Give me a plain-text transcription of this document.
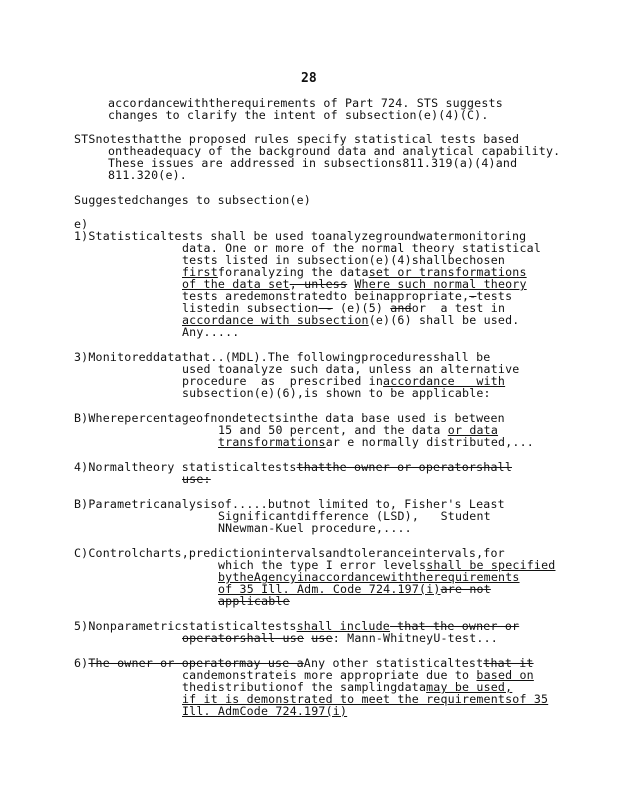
28
accordancewiththerequirements of Part 724. STS suggests
changes to clarify the intent of subsection(e)(4)(C).
STSnotesthatthe proposed rules specify statistical tests based
ontheadequacy of the background data and analytical capability.
These issues are addressed in subsections811.319(a)(4)and
811.320(e).
Suggestedchanges to subsection(e)
e)
1)Statisticaltests shall be used toanalyzegroundwatermonitoring
data. One or more of the normal theory statistical
tests listed in subsection(e)(4)shallbechosen
firstforanalyzing the dataset or transformations
of the data set, unless Where such normal theory
tests aredemonstratedto beinappropriate,-tests
listedin subsection - (e)(5) andor  a test in
accordance with subsection(e)(6) shall be used.
Any.....
3)Monitoreddatathat..(MDL).The followingproceduresshall be
used toanalyze such data, unless an alternative
procedure  as  prescribed inaccordance   with
subsection(e)(6),is shown to be applicable:
B)Wherepercentageofnondetectsinthe data base used is between
15 and 50 percent, and the data or data
transformationsar e normally distributed,...
4)Normaltheory statisticalteststhatthe owner or operatorshall
use:
B)Parametricanalysisof.....butnot limited to, Fisher's Least
Significantdifference (LSD),   Student
NNewman-Kuel procedure,....
C)Controlcharts,predictionintervalsandtoleranceintervals,for
which the type I error levelsshall be specified
bytheAgencyinaccordancewiththerequirements
of 35 Ill. Adm. Code 724.197(i)are not
applicable
5)Nonparametricstatisticaltestsshall include that the owner or
operatorshall use use: Mann-WhitneyU-test...
6)The owner or operatormay use aAny other statisticaltestthat it
candemonstrateis more appropriate due to based on
thedistributionof the samplingdatamay be used,
if it is demonstrated to meet the requirementsof 35
Ill. AdmCode 724.197(i)
